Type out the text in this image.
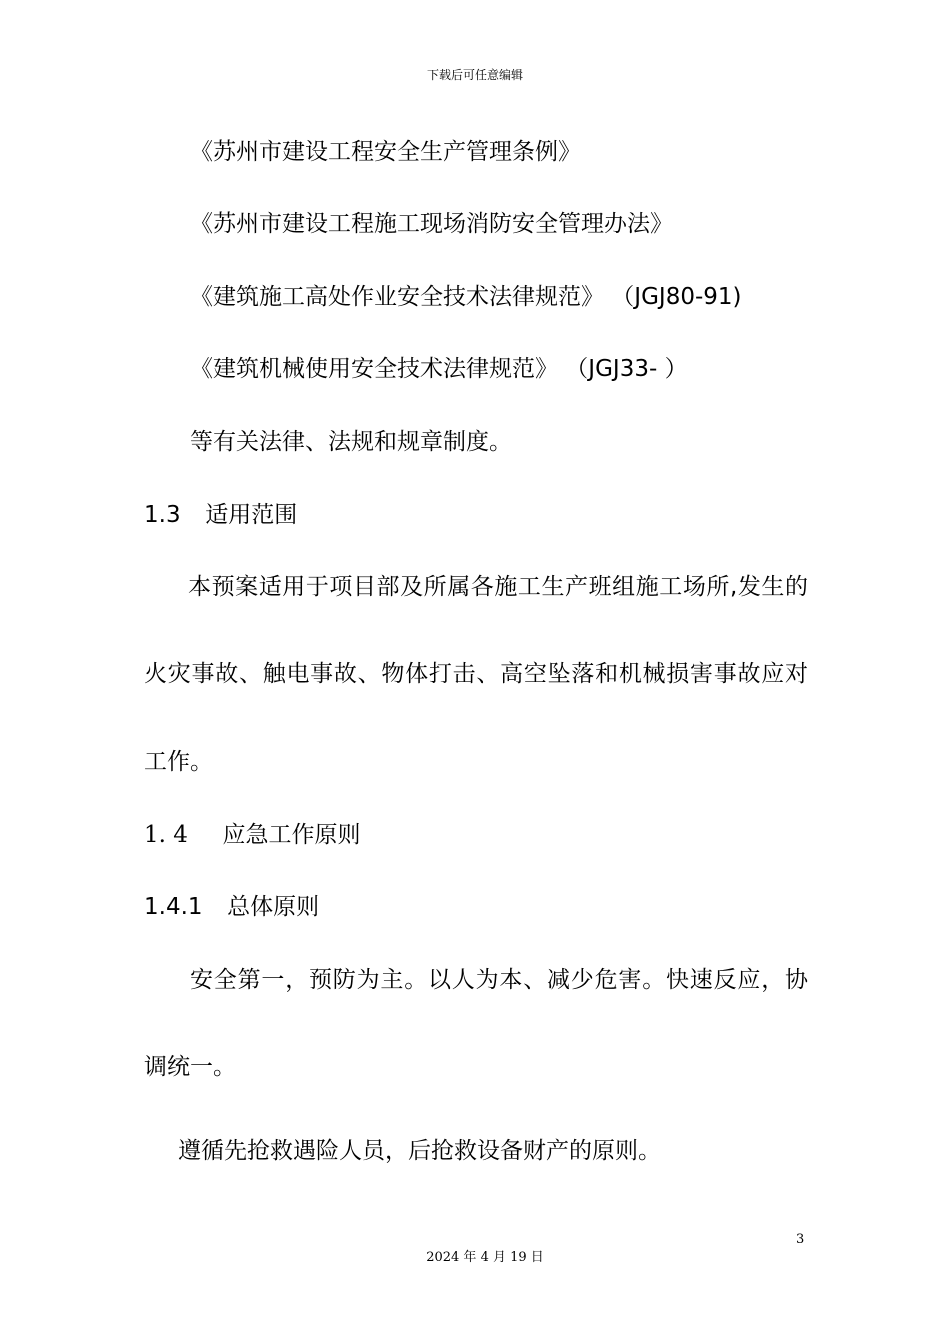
下载后可任意编辑
《苏州市建设工程安全生产管理条例》
《苏州市建设工程施工现场消防安全管理办法》
《建筑施工高处作业安全技术法律规范》 （JGJ80-91)
《建筑机械使用安全技术法律规范》 （JGJ33- ）
等有关法律、法规和规章制度。
1.3 适用范围
本预案适用于项目部及所属各施工生产班组施工场所,发生的
火灾事故、触电事故、物体打击、高空坠落和机械损害事故应对
工作。
1. 4 应急工作原则
1.4.1 总体原则
安全第一，预防为主。以人为本、减少危害。快速反应，协
调统一。
遵循先抢救遇险人员，后抢救设备财产的原则。
3
2024 年 4 月 19 日
